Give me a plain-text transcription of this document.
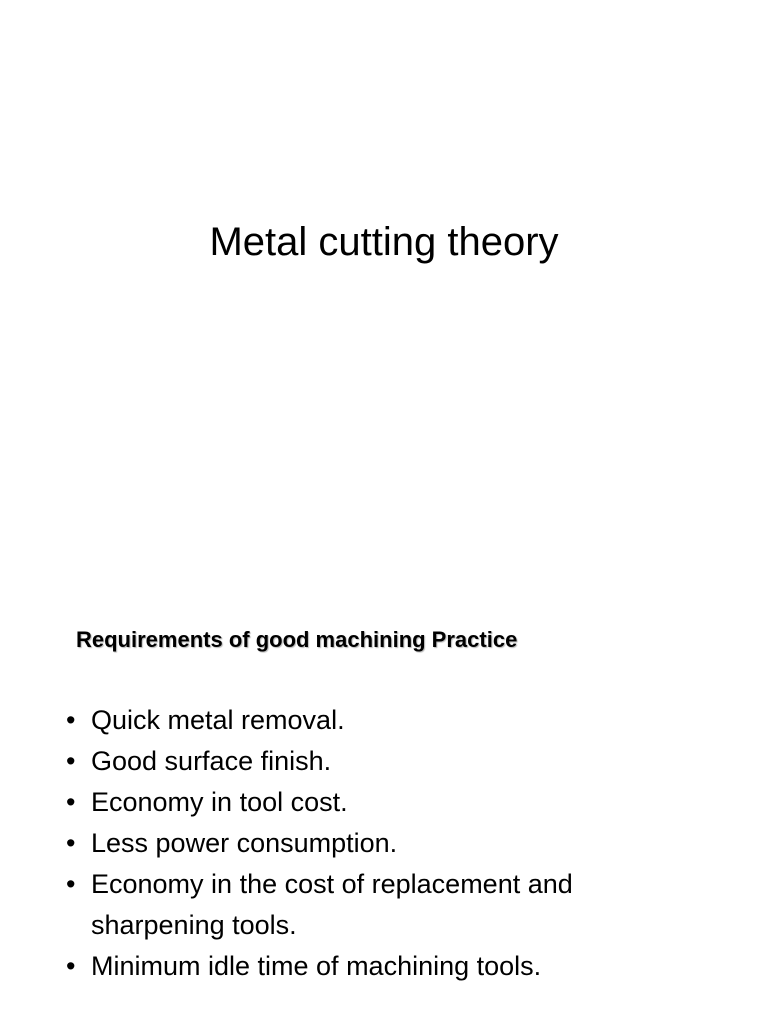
Metal cutting theory
Requirements of good machining Practice
• Quick metal removal.
• Good surface finish.
• Economy in tool cost.
• Less power consumption.
• Economy in the cost of replacement and
sharpening tools.
• Minimum idle time of machining tools.
